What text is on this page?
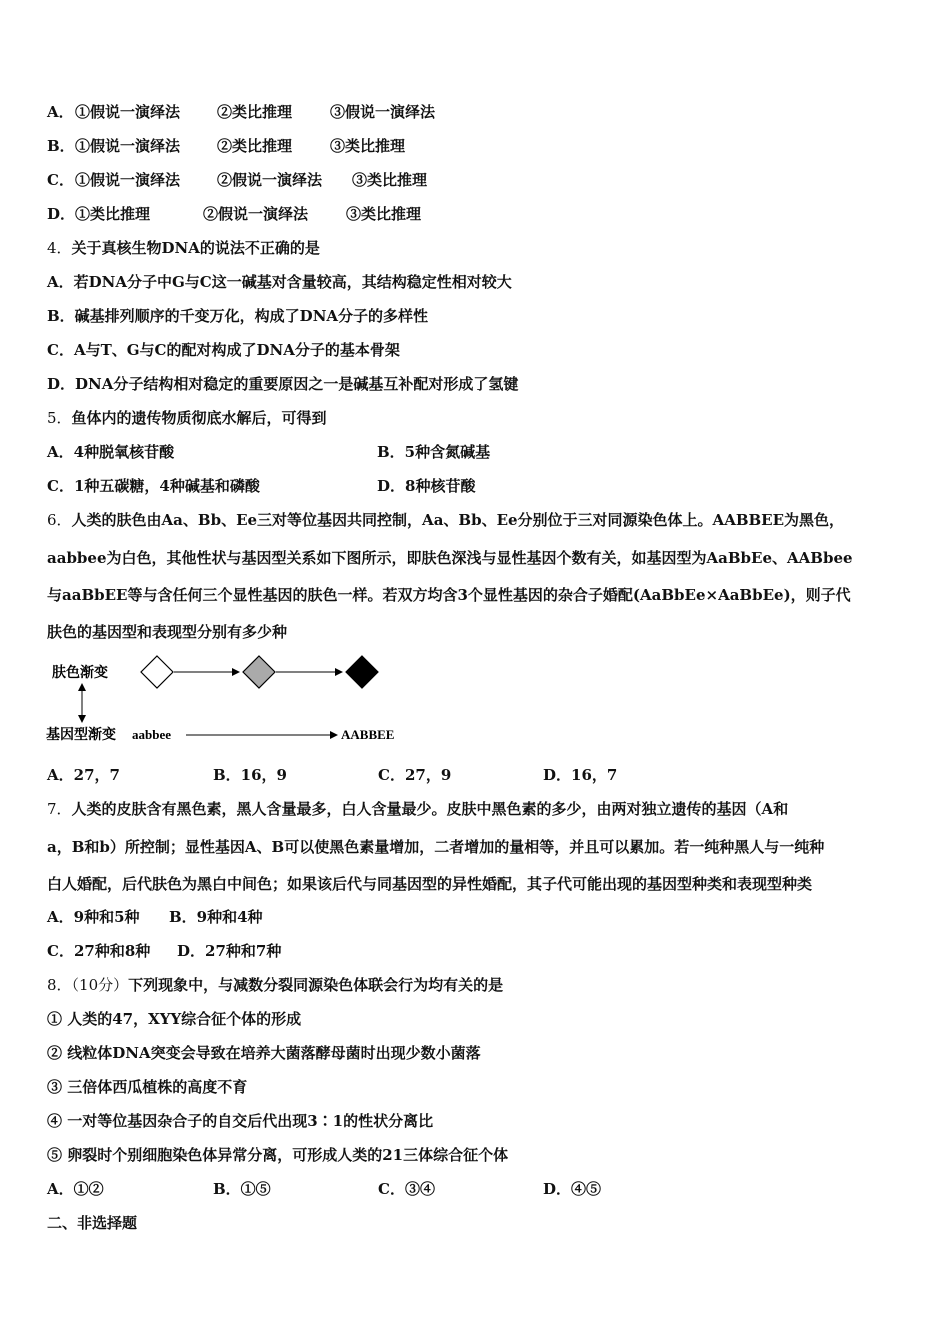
A．①假说一演绎法 ②类比推理	③假说一演绎法
B．①假说一演绎法 ②类比推理	③类比推理
C．①假说一演绎法 ②假说一演绎法 ③类比推理
D．①类比推理	②假说一演绎法	③类比推理
4．关于真核生物DNA的说法不正确的是
A．若DNA分子中G与C这一碱基对含量较高，其结构稳定性相对较大
B．碱基排列顺序的千变万化，构成了DNA分子的多样性
C．A与T、G与C的配对构成了DNA分子的基本骨架
D．DNA分子结构相对稳定的重要原因之一是碱基互补配对形成了氢键
5．鱼体内的遗传物质彻底水解后，可得到
A．4种脱氧核苷酸	B．5种含氮碱基
C．1种五碳糖，4种碱基和磷酸	D．8种核苷酸
6．人类的肤色由Aa、Bb、Ee三对等位基因共同控制，Aa、Bb、Ee分别位于三对同源染色体上。AABBEE为黑色，
aabbee为白色，其他性状与基因型关系如下图所示，即肤色深浅与显性基因个数有关，如基因型为AaBbEe、AABbee
与aaBbEE等与含任何三个显性基因的肤色一样。若双方均含3个显性基因的杂合子婚配(AaBbEe×AaBbEe)，则子代
肤色的基因型和表现型分别有多少种
肤色渐变
基因型渐变 aabbee	AABBEE
A．27，7	B．16，9	C．27，9	D．16，7
7．人类的皮肤含有黑色素，黑人含量最多，白人含量最少。皮肤中黑色素的多少，由两对独立遗传的基因（A和
a，B和b）所控制；显性基因A、B可以使黑色素量增加，二者增加的量相等，并且可以累加。若一纯种黑人与一纯种
白人婚配，后代肤色为黑白中间色；如果该后代与同基因型的异性婚配，其子代可能出现的基因型种类和表现型种类
A．9种和5种 B．9种和4种
C．27种和8种 D．27种和7种
8．（10分）下列现象中，与减数分裂同源染色体联会行为均有关的是
① 人类的47，XYY综合征个体的形成
② 线粒体DNA突变会导致在培养大菌落酵母菌时出现少数小菌落
③ 三倍体西瓜植株的高度不育
④ 一对等位基因杂合子的自交后代出现3∶1的性状分离比
⑤ 卵裂时个别细胞染色体异常分离，可形成人类的21三体综合征个体
A．①②	B．①⑤	C．③④	D．④⑤
二、非选择题
